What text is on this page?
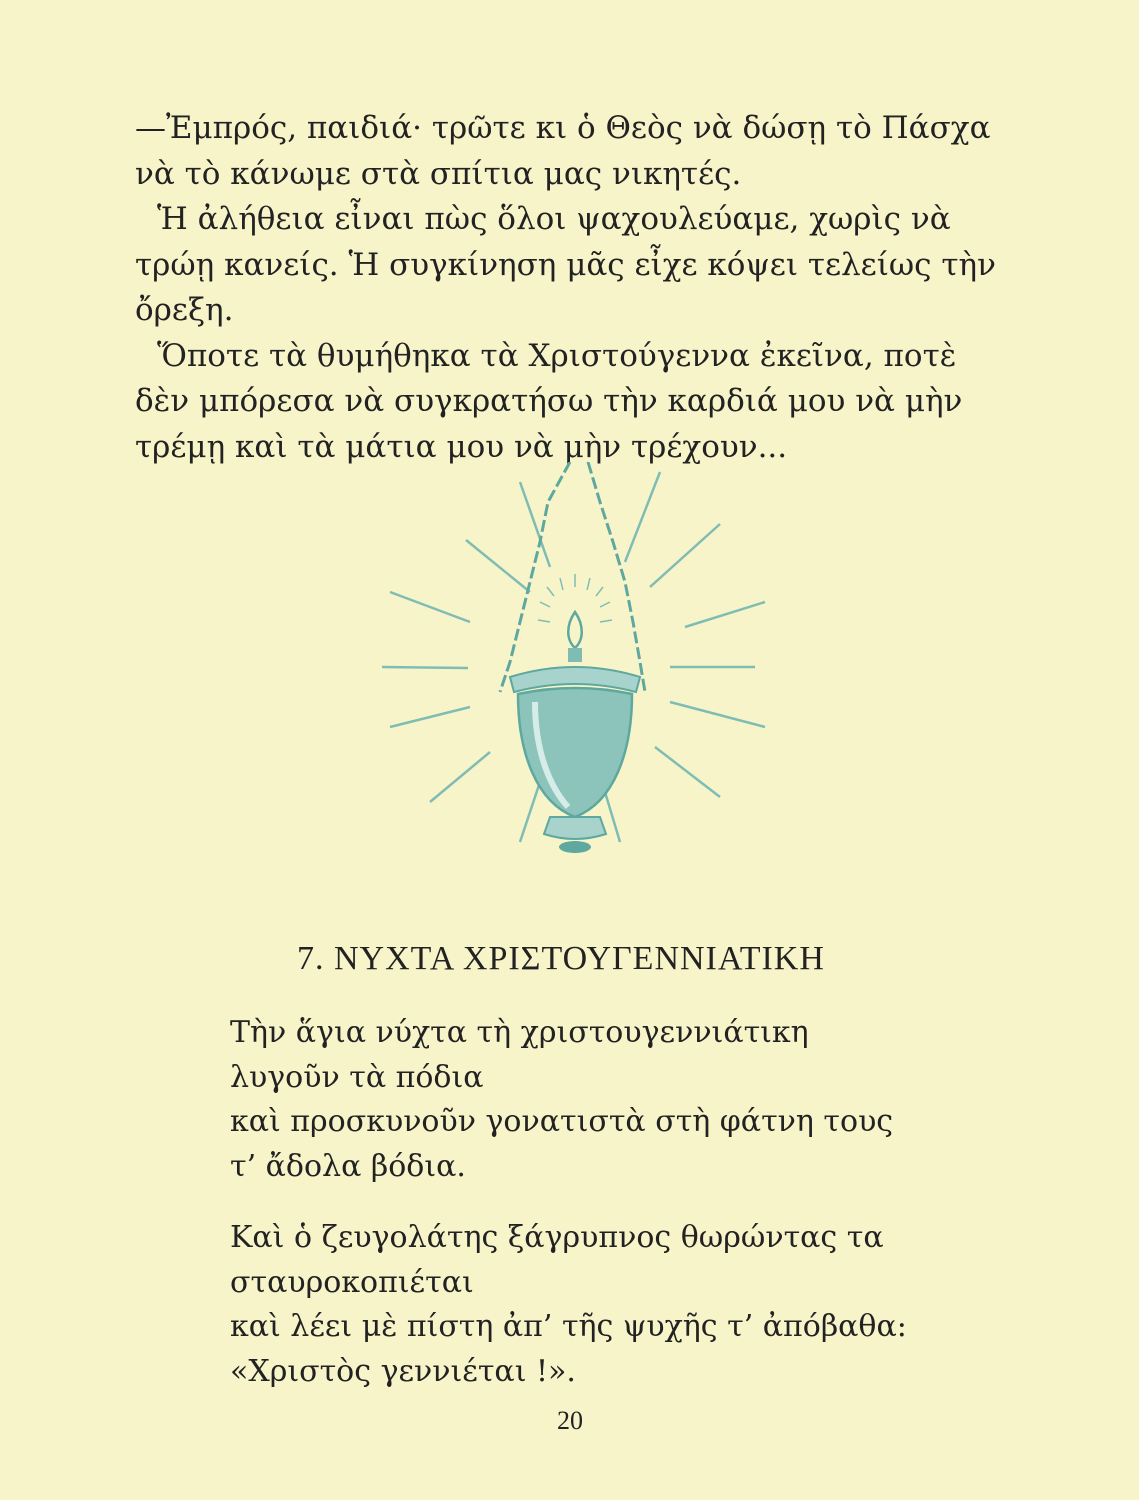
—Ἐμπρός, παιδιά· τρῶτε κι ὁ Θεὸς νὰ δώσῃ τὸ Πάσχα νὰ τὸ κάνωμε στὰ σπίτια μας νικητές.

Ἡ ἀλήθεια εἶναι πὼς ὅλοι ψαχουλεύαμε, χωρὶς νὰ τρώῃ κανείς. Ἡ συγκίνηση μᾶς εἶχε κόψει τελείως τὴν ὄρεξη.

Ὅποτε τὰ θυμήθηκα τὰ Χριστούγεννα ἐκεῖνα, ποτὲ δὲν μπόρεσα νὰ συγκρατήσω τὴν καρδιά μου νὰ μὴν τρέμῃ καὶ τὰ μάτια μου νὰ μὴν τρέχουν...

7. ΝΥΧΤΑ ΧΡΙΣΤΟΥΓΕΝΝΙΑΤΙΚΗ
Τὴν ἅγια νύχτα τὴ χριστουγεννιάτικη
λυγοῦν τὰ πόδια
καὶ προσκυνοῦν γονατιστὰ στὴ φάτνη τους
τ’ ἄδολα βόδια.
Καὶ ὁ ζευγολάτης ξάγρυπνος θωρώντας τα
σταυροκοπιέται
καὶ λέει μὲ πίστη ἀπ’ τῆς ψυχῆς τ’ ἀπόβαθα:
«Χριστὸς γεννιέται !».
20
